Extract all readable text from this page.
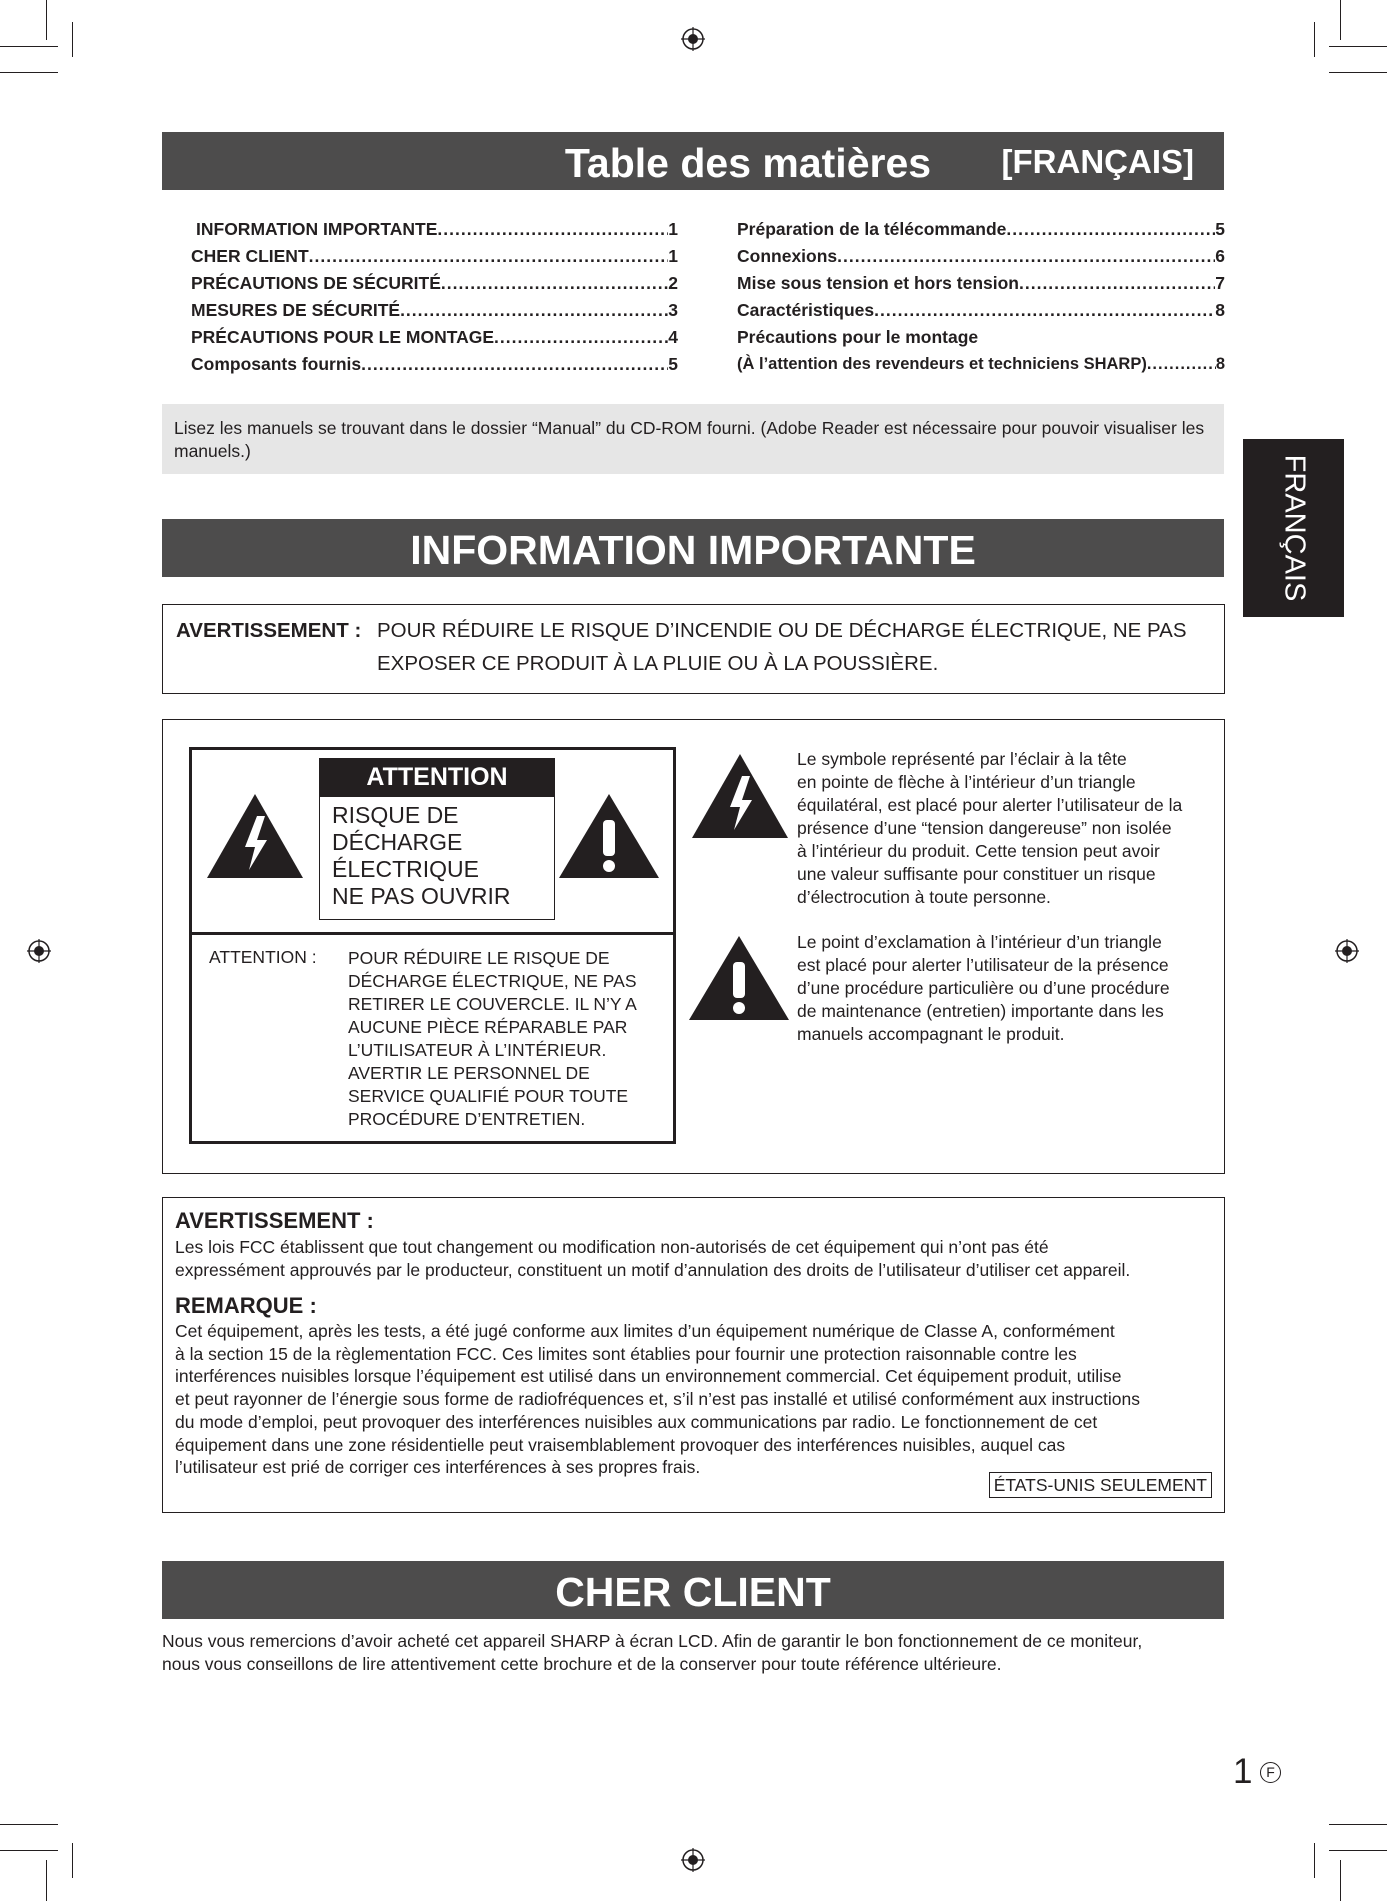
Table des matières	[FRANÇAIS]
INFORMATION IMPORTANTE .....	1
CHER CLIENT .....	1
PRÉCAUTIONS DE SÉCURITÉ .....	2
MESURES DE SÉCURITÉ .....	3
PRÉCAUTIONS POUR LE MONTAGE .....	4
Composants fournis .....	5
Préparation de la télécommande .....	5
Connexions .....	6
Mise sous tension et hors tension .....	7
Caractéristiques .....	8
Précautions pour le montage
(À l’attention des revendeurs et techniciens SHARP) .....	8
Lisez les manuels se trouvant dans le dossier “Manual” du CD-ROM fourni. (Adobe Reader est nécessaire pour pouvoir visualiser les manuels.)
FRANÇAIS
INFORMATION IMPORTANTE
AVERTISSEMENT : POUR RÉDUIRE LE RISQUE D’INCENDIE OU DE DÉCHARGE ÉLECTRIQUE, NE PAS
EXPOSER CE PRODUIT À LA PLUIE OU À LA POUSSIÈRE.
ATTENTION
RISQUE DE
DÉCHARGE
ÉLECTRIQUE
NE PAS OUVRIR
ATTENTION : POUR RÉDUIRE LE RISQUE DE
DÉCHARGE ÉLECTRIQUE, NE PAS
RETIRER LE COUVERCLE. IL N’Y A
AUCUNE PIÈCE RÉPARABLE PAR
L’UTILISATEUR À L’INTÉRIEUR.
AVERTIR LE PERSONNEL DE
SERVICE QUALIFIÉ POUR TOUTE
PROCÉDURE D’ENTRETIEN.
Le symbole représenté par l’éclair à la tête
en pointe de flèche à l’intérieur d’un triangle
équilatéral, est placé pour alerter l’utilisateur de la
présence d’une “tension dangereuse” non isolée
à l’intérieur du produit. Cette tension peut avoir
une valeur suffisante pour constituer un risque
d’électrocution à toute personne.
Le point d’exclamation à l’intérieur d’un triangle
est placé pour alerter l’utilisateur de la présence
d’une procédure particulière ou d’une procédure
de maintenance (entretien) importante dans les
manuels accompagnant le produit.
AVERTISSEMENT :
Les lois FCC établissent que tout changement ou modification non-autorisés de cet équipement qui n’ont pas été
expressément approuvés par le producteur, constituent un motif d’annulation des droits de l’utilisateur d’utiliser cet appareil.
REMARQUE :
Cet équipement, après les tests, a été jugé conforme aux limites d’un équipement numérique de Classe A, conformément
à la section 15 de la règlementation FCC. Ces limites sont établies pour fournir une protection raisonnable contre les
interférences nuisibles lorsque l’équipement est utilisé dans un environnement commercial. Cet équipement produit, utilise
et peut rayonner de l’énergie sous forme de radiofréquences et, s’il n’est pas installé et utilisé conformément aux instructions
du mode d’emploi, peut provoquer des interférences nuisibles aux communications par radio. Le fonctionnement de cet
équipement dans une zone résidentielle peut vraisemblablement provoquer des interférences nuisibles, auquel cas
l’utilisateur est prié de corriger ces interférences à ses propres frais.
ÉTATS-UNIS SEULEMENT
CHER CLIENT
Nous vous remercions d’avoir acheté cet appareil SHARP à écran LCD. Afin de garantir le bon fonctionnement de ce moniteur,
nous vous conseillons de lire attentivement cette brochure et de la conserver pour toute référence ultérieure.
1 F
